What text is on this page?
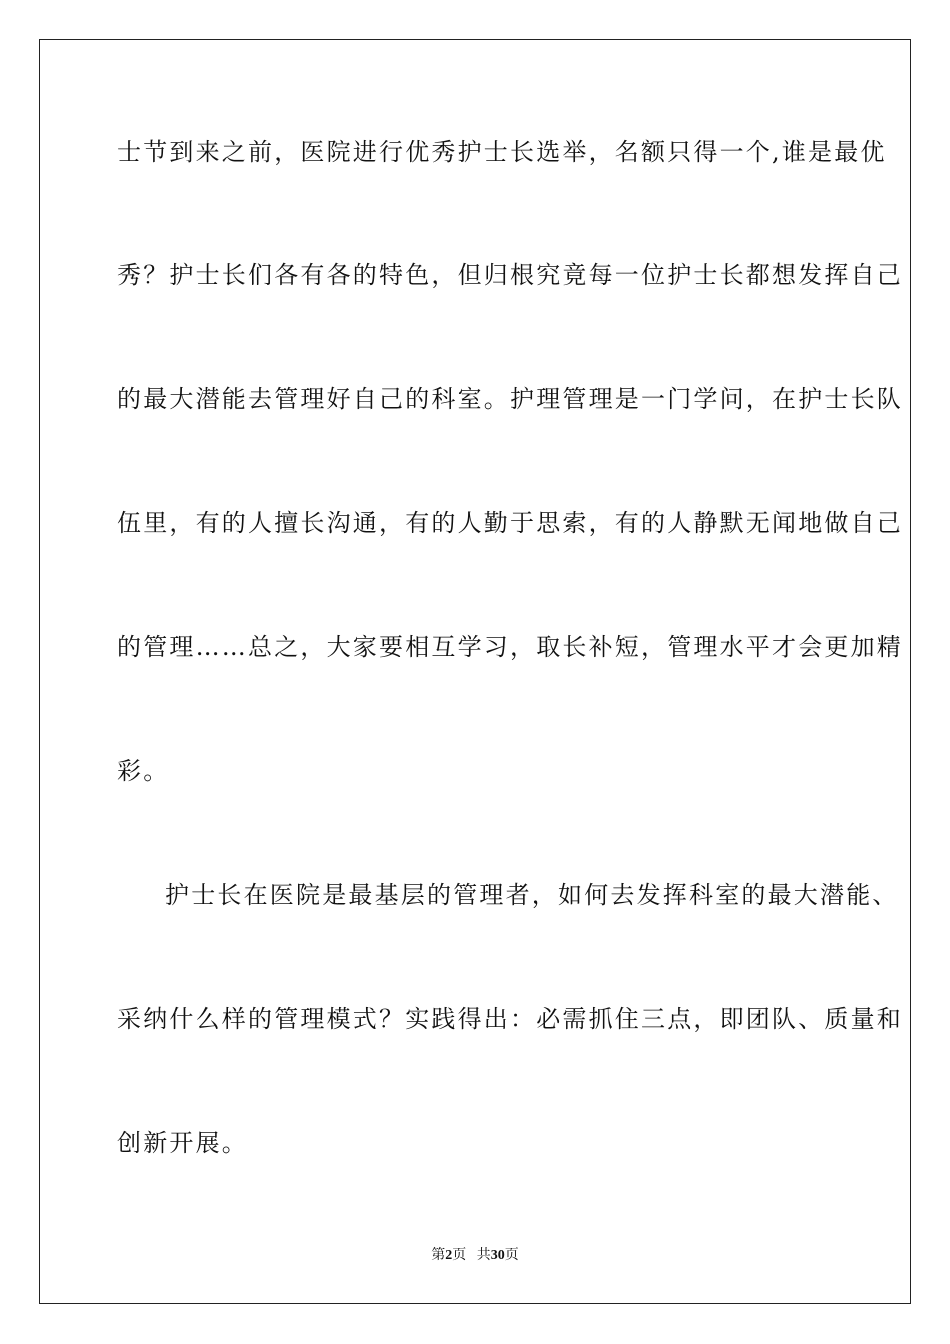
士节到来之前，医院进行优秀护士长选举，名额只得一个,谁是最优
秀？护士长们各有各的特色，但归根究竟每一位护士长都想发挥自己
的最大潜能去管理好自己的科室。护理管理是一门学问，在护士长队
伍里，有的人擅长沟通，有的人勤于思索，有的人静默无闻地做自己
的管理……总之，大家要相互学习，取长补短，管理水平才会更加精
彩。
护士长在医院是最基层的管理者，如何去发挥科室的最大潜能、
采纳什么样的管理模式？实践得出：必需抓住三点，即团队、质量和
创新开展。
第2页 共30页
